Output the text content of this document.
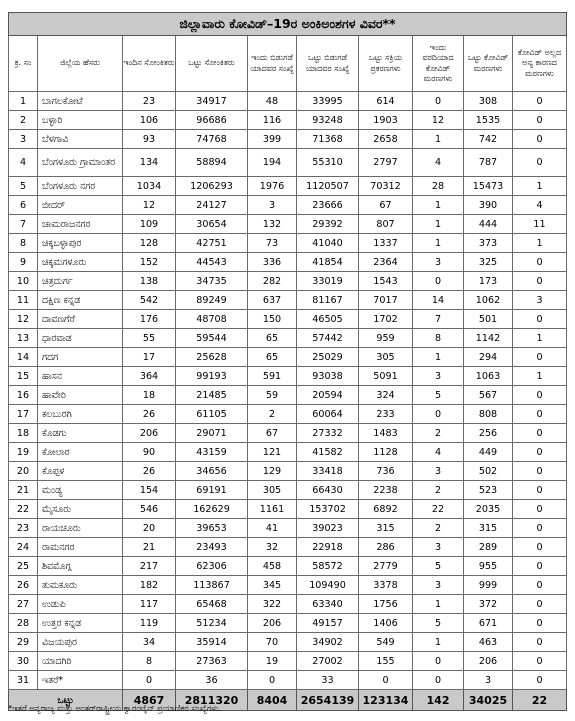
ಜಿಲ್ಲಾವಾರು ಕೋವಿಡ್–19ರ ಅಂಕಿಅಂಶಗಳ ವಿವರ**									
ಕ್ರ. ಸಂ	ಜಿಲ್ಲೆಯ ಹೆಸರು	ಇಂದಿನ ಸೋಂಕಿತರು	ಒಟ್ಟು ಸೋಂಕಿತರು	ಇಂದು ಬಿಡುಗಡೆ ಯಾದವರ ಸಂಖ್ಯೆ	ಒಟ್ಟು ಬಿಡುಗಡೆ ಯಾದವರ ಸಂಖ್ಯೆ	ಒಟ್ಟು ಸಕ್ರಿಯ ಪ್ರಕರಣಗಳು	ಇಂದು ವರದಿಯಾದ ಕೋವಿಡ್ ಮರಣಗಳು	ಒಟ್ಟು ಕೋವಿಡ್ ಮರಣಗಳು	ಕೋವಿಡ್ ಅಲ್ಲದ ಅನ್ಯ ಕಾರಣದ ಮರಣಗಳು
1	ಬಾಗಲಕೋಟೆ	23	34917	48	33995	614	0	308	0
2	ಬಳ್ಳಾರಿ	106	96686	116	93248	1903	12	1535	0
3	ಬೆಳಗಾವಿ	93	74768	399	71368	2658	1	742	0
4	ಬೆಂಗಳೂರು ಗ್ರಾಮಾಂತರ	134	58894	194	55310	2797	4	787	0
5	ಬೆಂಗಳೂರು ನಗರ	1034	1206293	1976	1120507	70312	28	15473	1
6	ಬೀದರ್	12	24127	3	23666	67	1	390	4
7	ಚಾಮರಾಜನಗರ	109	30654	132	29392	807	1	444	11
8	ಚಿಕ್ಕಬಳ್ಳಾಪುರ	128	42751	73	41040	1337	1	373	1
9	ಚಿಕ್ಕಮಗಳೂರು	152	44543	336	41854	2364	3	325	0
10	ಚಿತ್ರದುರ್ಗ	138	34735	282	33019	1543	0	173	0
11	ದಕ್ಷಿಣ ಕನ್ನಡ	542	89249	637	81167	7017	14	1062	3
12	ದಾವಣಗೆರೆ	176	48708	150	46505	1702	7	501	0
13	ಧಾರವಾಡ	55	59544	65	57442	959	8	1142	1
14	ಗದಗ	17	25628	65	25029	305	1	294	0
15	ಹಾಸನ	364	99193	591	93038	5091	3	1063	1
16	ಹಾವೇರಿ	18	21485	59	20594	324	5	567	0
17	ಕಲಬುರಗಿ	26	61105	2	60064	233	0	808	0
18	ಕೊಡಗು	206	29071	67	27332	1483	2	256	0
19	ಕೋಲಾರ	90	43159	121	41582	1128	4	449	0
20	ಕೊಪ್ಪಳ	26	34656	129	33418	736	3	502	0
21	ಮಂಡ್ಯ	154	69191	305	66430	2238	2	523	0
22	ಮೈಸೂರು	546	162629	1161	153702	6892	22	2035	0
23	ರಾಯಚೂರು	20	39653	41	39023	315	2	315	0
24	ರಾಮನಗರ	21	23493	32	22918	286	3	289	0
25	ಶಿವಮೊಗ್ಗ	217	62306	458	58572	2779	5	955	0
26	ತುಮಕೂರು	182	113867	345	109490	3378	3	999	0
27	ಉಡುಪಿ	117	65468	322	63340	1756	1	372	0
28	ಉತ್ತರ ಕನ್ನಡ	119	51234	206	49157	1406	5	671	0
29	ವಿಜಯಪುರ	34	35914	70	34902	549	1	463	0
30	ಯಾದಗಿರಿ	8	27363	19	27002	155	0	206	0
31	ಇತರೆ*	0	36	0	33	0	0	3	0
ಒಟ್ಟು		4867	2811320	8404	2654139	123134	142	34025	22
*ಇತರೆ ಅನ್ಯರಾಜ್ಯ ಮತ್ತು ಅಂತರ್‌ರಾಷ್ಟ್ರೀಯ ಕ್ವಾರಂಟೈನ್ ಪ್ರಯಾಣಿಕರ ಸಂಖ್ಯೆಗಳು.
